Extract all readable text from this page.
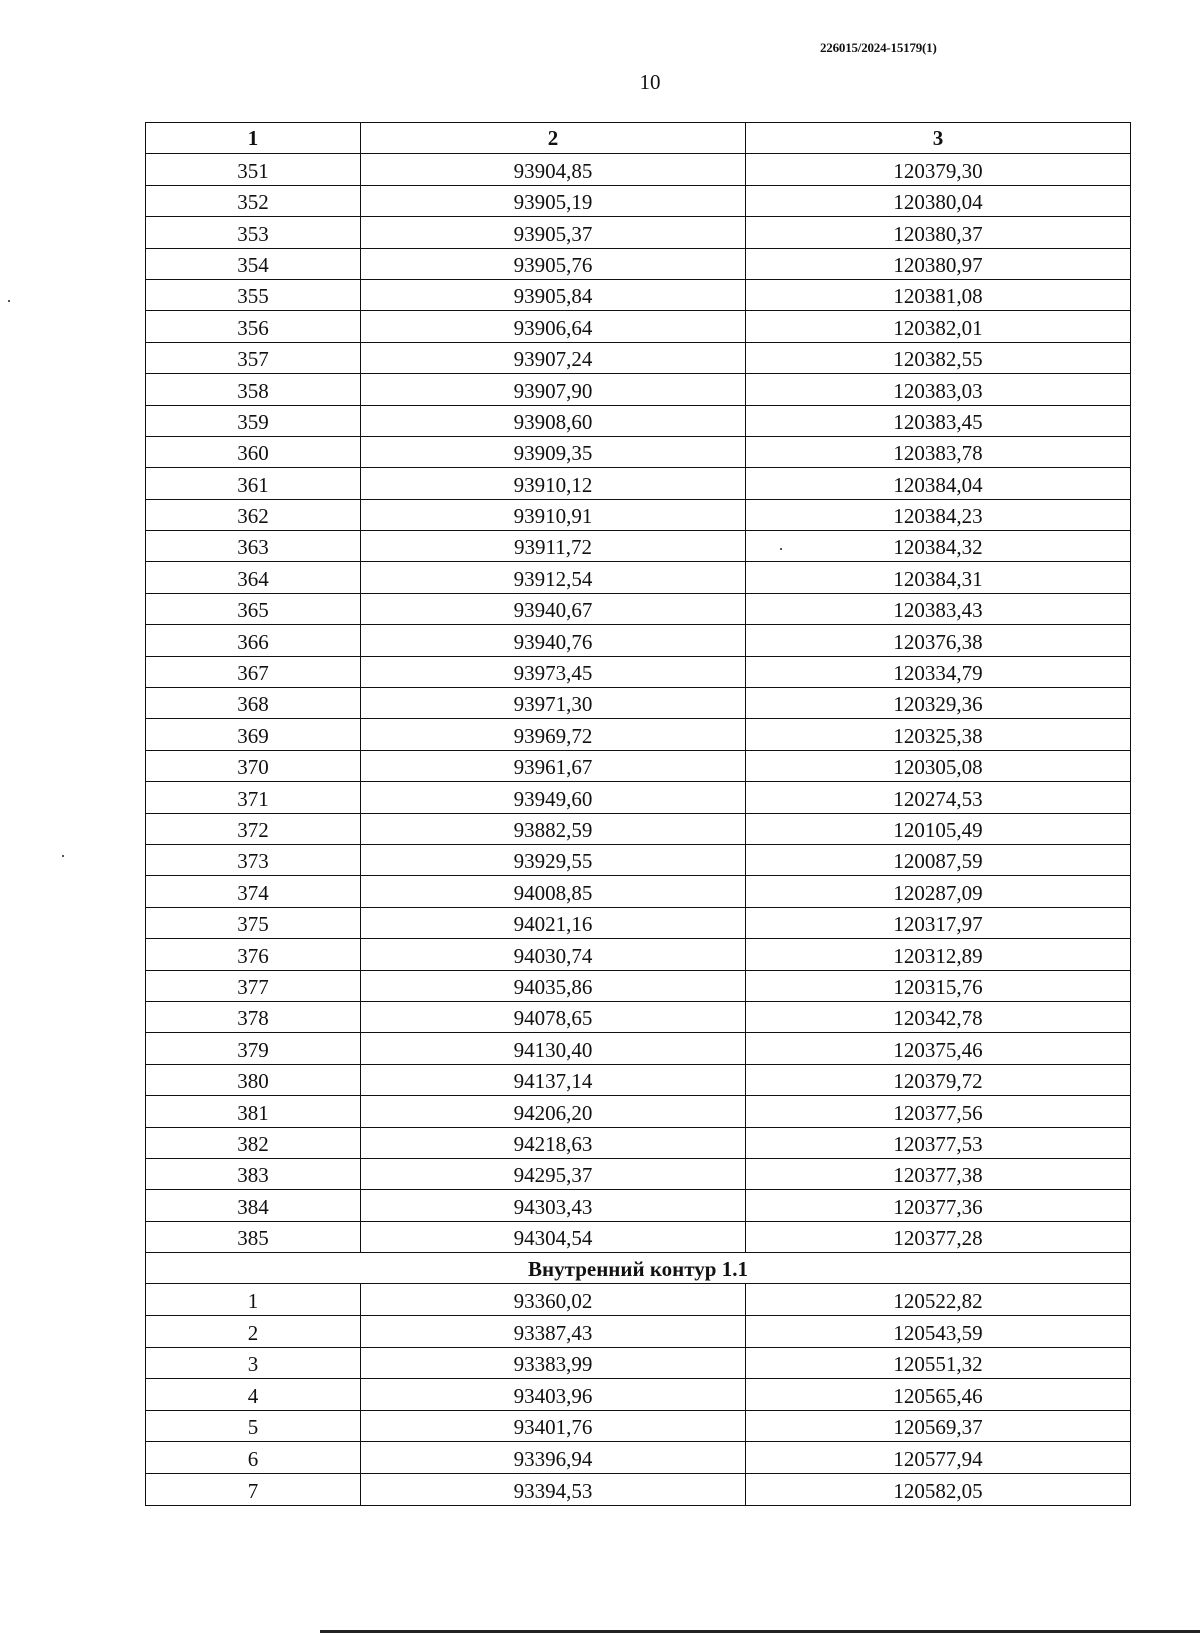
226015/2024-15179(1)
10
1	2	3
351	93904,85	120379,30
352	93905,19	120380,04
353	93905,37	120380,37
354	93905,76	120380,97
355	93905,84	120381,08
356	93906,64	120382,01
357	93907,24	120382,55
358	93907,90	120383,03
359	93908,60	120383,45
360	93909,35	120383,78
361	93910,12	120384,04
362	93910,91	120384,23
363	93911,72	120384,32
364	93912,54	120384,31
365	93940,67	120383,43
366	93940,76	120376,38
367	93973,45	120334,79
368	93971,30	120329,36
369	93969,72	120325,38
370	93961,67	120305,08
371	93949,60	120274,53
372	93882,59	120105,49
373	93929,55	120087,59
374	94008,85	120287,09
375	94021,16	120317,97
376	94030,74	120312,89
377	94035,86	120315,76
378	94078,65	120342,78
379	94130,40	120375,46
380	94137,14	120379,72
381	94206,20	120377,56
382	94218,63	120377,53
383	94295,37	120377,38
384	94303,43	120377,36
385	94304,54	120377,28
Внутренний контур 1.1		
1	93360,02	120522,82
2	93387,43	120543,59
3	93383,99	120551,32
4	93403,96	120565,46
5	93401,76	120569,37
6	93396,94	120577,94
7	93394,53	120582,05
